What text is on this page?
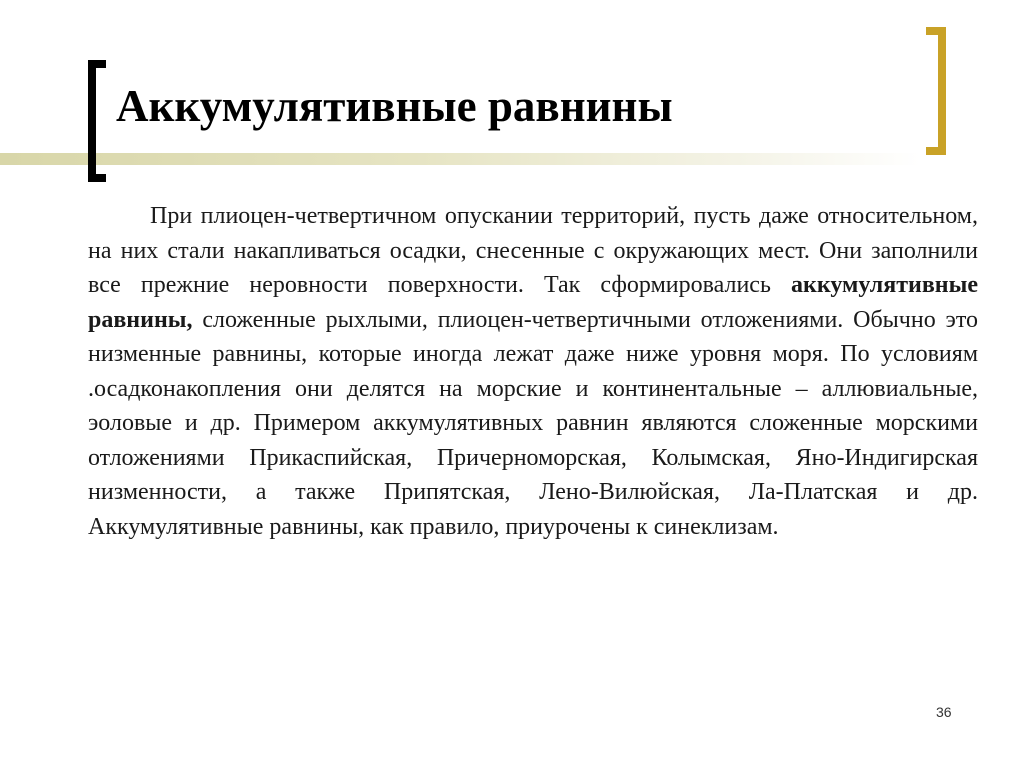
Аккумулятивные равнины

При плиоцен-четвертичном опускании территорий, пусть даже относительном, на них стали накапливаться осадки, снесенные с окружающих мест. Они заполнили все прежние неровности поверхности. Так сформировались аккумулятивные равнины, сложенные рыхлыми, плиоцен-четвертичными отложениями. Обычно это низменные равнины, которые иногда лежат даже ниже уровня моря. По условиям .осадконакопления они делятся на морские и континентальные – аллювиальные, эоловые и др. Примером аккумулятивных равнин являются сложенные морскими отложениями Прикаспийская, Причерноморская, Колымская, Яно-Индигирская низменности, а также Припятская, Лено-Вилюйская, Ла-Платская и др. Аккумулятивные равнины, как правило, приурочены к синеклизам.

36
